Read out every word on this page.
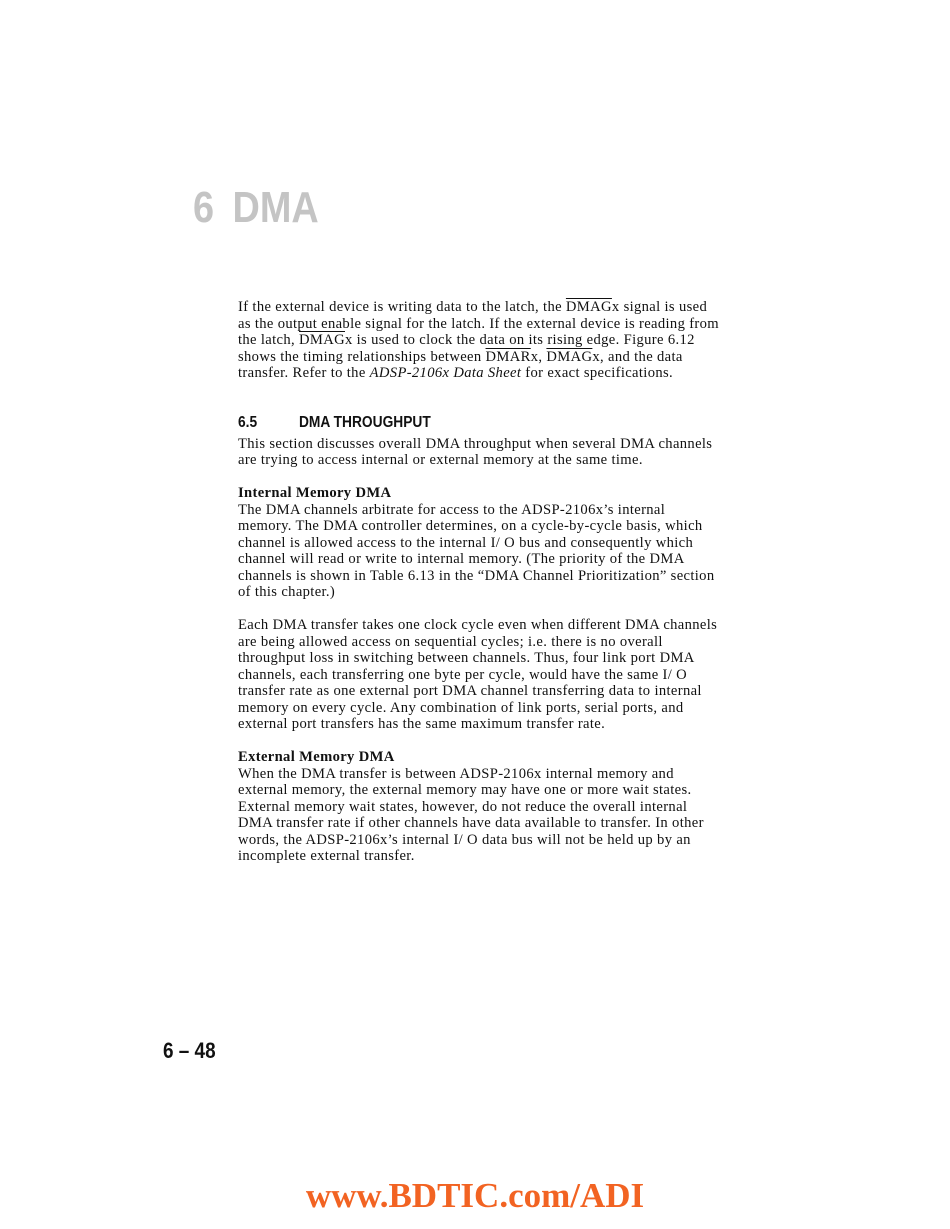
6 DMA

If the external device is writing data to the latch, the DMAGx signal is used as the output enable signal for the latch. If the external device is reading from the latch, DMAGx is used to clock the data on its rising edge. Figure 6.12 shows the timing relationships between DMARx, DMAGx, and the data transfer. Refer to the ADSP-2106x Data Sheet for exact specifications.

6.5	DMA THROUGHPUT

This section discusses overall DMA throughput when several DMA channels are trying to access internal or external memory at the same time.

Internal Memory DMA

The DMA channels arbitrate for access to the ADSP-2106x’s internal memory. The DMA controller determines, on a cycle-by-cycle basis, which channel is allowed access to the internal I/ O bus and consequently which channel will read or write to internal memory. (The priority of the DMA channels is shown in Table 6.13 in the “DMA Channel Prioritization” section of this chapter.)

Each DMA transfer takes one clock cycle even when different DMA channels are being allowed access on sequential cycles; i.e. there is no overall throughput loss in switching between channels. Thus, four link port DMA channels, each transferring one byte per cycle, would have the same I/ O transfer rate as one external port DMA channel transferring data to internal memory on every cycle. Any combination of link ports, serial ports, and external port transfers has the same maximum transfer rate.

External Memory DMA

When the DMA transfer is between ADSP-2106x internal memory and external memory, the external memory may have one or more wait states. External memory wait states, however, do not reduce the overall internal DMA transfer rate if other channels have data available to transfer. In other words, the ADSP-2106x’s internal I/ O data bus will not be held up by an incomplete external transfer.

6 – 48

www.BDTIC.com/ADI
